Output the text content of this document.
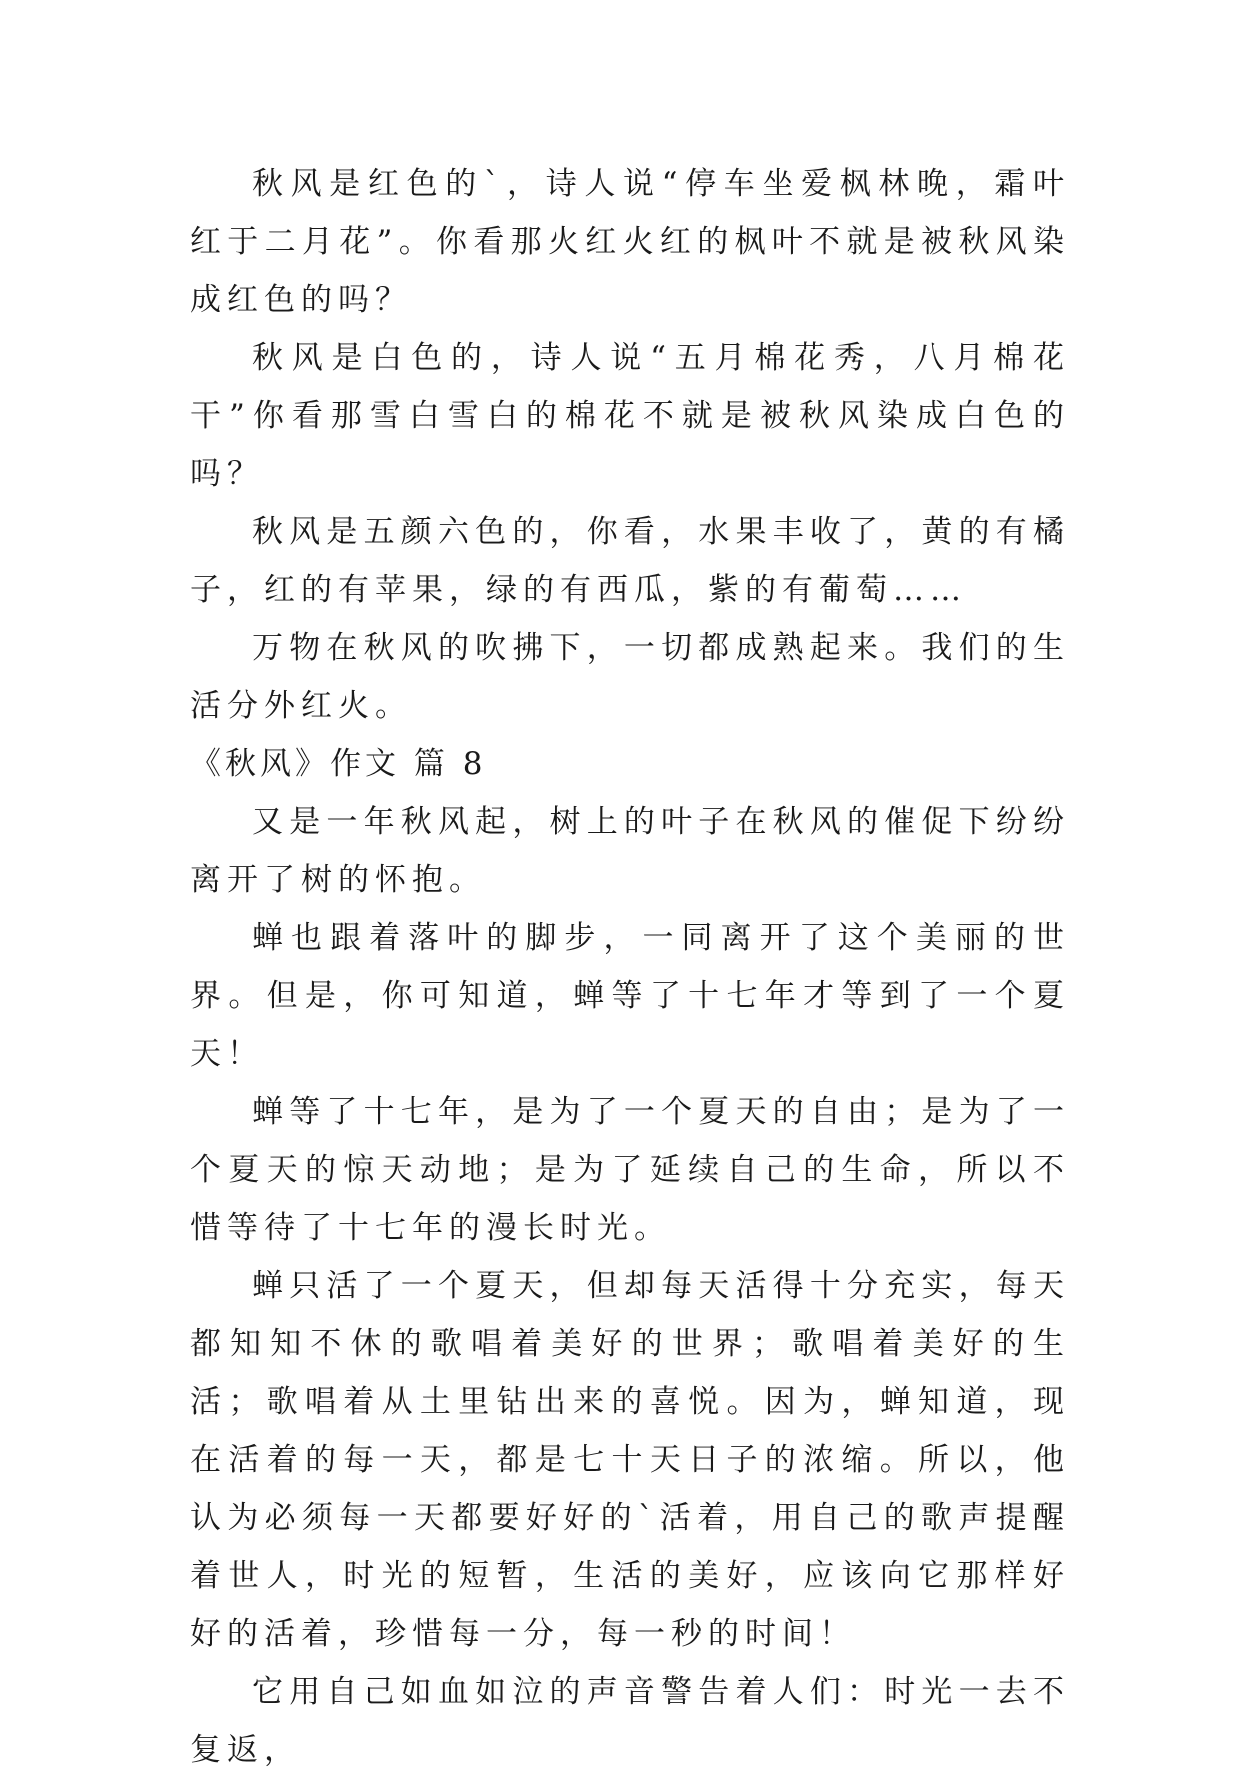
秋风是红色的`，诗人说“停车坐爱枫林晚，霜叶红于二月花”。你看那火红火红的枫叶不就是被秋风染成红色的吗？

秋风是白色的，诗人说“五月棉花秀，八月棉花干”你看那雪白雪白的棉花不就是被秋风染成白色的吗？

秋风是五颜六色的，你看，水果丰收了，黄的有橘子，红的有苹果，绿的有西瓜，紫的有葡萄……

万物在秋风的吹拂下，一切都成熟起来。我们的生活分外红火。

《秋风》作文 篇 8

又是一年秋风起，树上的叶子在秋风的催促下纷纷离开了树的怀抱。

蝉也跟着落叶的脚步，一同离开了这个美丽的世界。但是，你可知道，蝉等了十七年才等到了一个夏天！

蝉等了十七年，是为了一个夏天的自由；是为了一个夏天的惊天动地；是为了延续自己的生命，所以不惜等待了十七年的漫长时光。

蝉只活了一个夏天，但却每天活得十分充实，每天都知知不休的歌唱着美好的世界；歌唱着美好的生活；歌唱着从土里钻出来的喜悦。因为，蝉知道，现在活着的每一天，都是七十天日子的浓缩。所以，他认为必须每一天都要好好的`活着，用自己的歌声提醒着世人，时光的短暂，生活的美好，应该向它那样好好的活着，珍惜每一分，每一秒的时间！

它用自己如血如泣的声音警告着人们：时光一去不复返，
